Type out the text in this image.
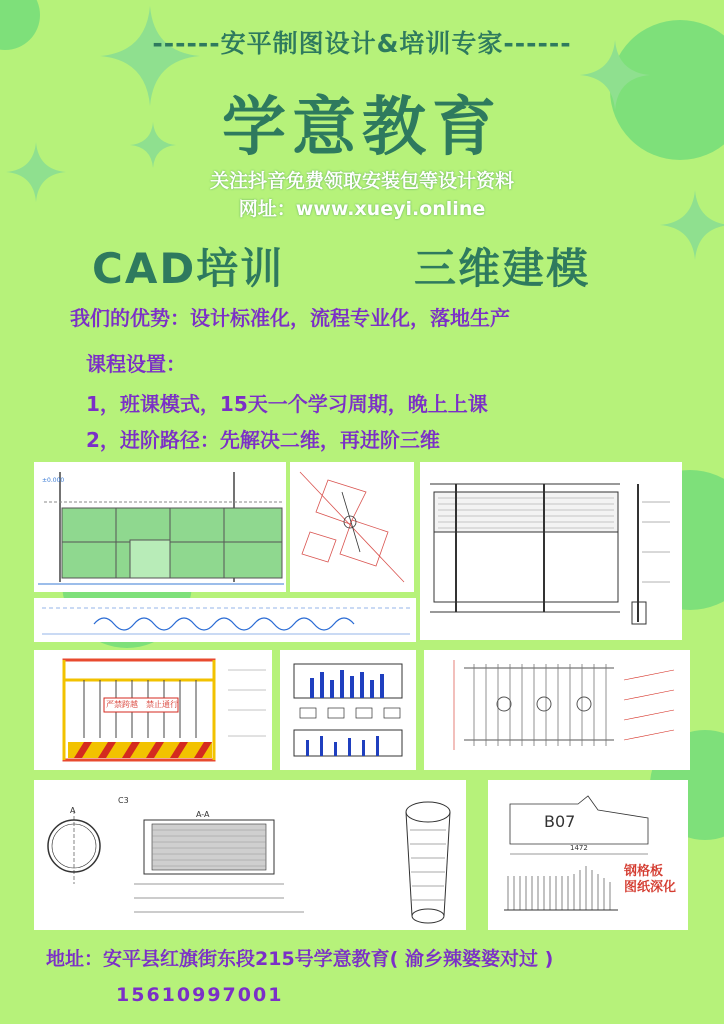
------安平制图设计&培训专家------
学意教育
关注抖音免费领取安装包等设计资料
网址：www.xueyi.online
CAD培训	三维建模
我们的优势：设计标准化，流程专业化，落地生产
课程设置：
1，班课模式，15天一个学习周期，晚上上课
2，进阶路径：先解决二维，再进阶三维
±0.000
严禁跨越 禁止通行
A-A
C3
A
B07
1472
钢格板
图纸深化
地址：安平县红旗街东段215号学意教育( 渝乡辣婆婆对过 )
15610997001
